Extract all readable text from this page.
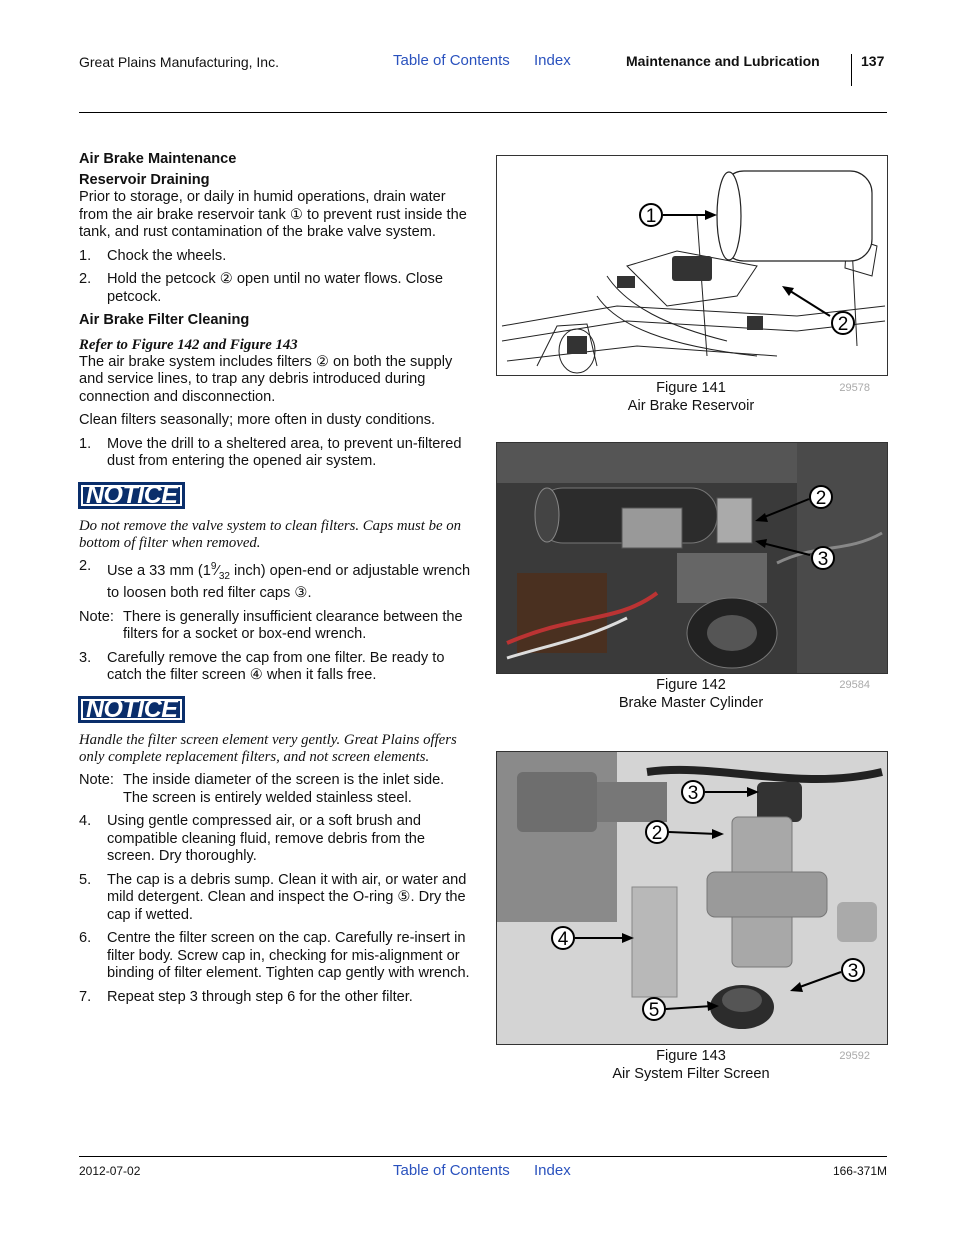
Great Plains Manufacturing, Inc.	Table of Contents Index	Maintenance and Lubrication	137

Air Brake Maintenance

Reservoir Draining

Prior to storage, or daily in humid operations, drain water from the air brake reservoir tank ① to prevent rust inside the tank, and rust contamination of the brake valve system.

1. Chock the wheels.
2. Hold the petcock ② open until no water flows. Close petcock.

Air Brake Filter Cleaning

Refer to Figure 142 and Figure 143

The air brake system includes filters ② on both the supply and service lines, to trap any debris introduced during connection and disconnection.

Clean filters seasonally; more often in dusty conditions.

1. Move the drill to a sheltered area, to prevent un-filtered dust from entering the opened air system.
NOTICE

Do not remove the valve system to clean filters. Caps must be on bottom of filter when removed.

2. Use a 33 mm ($1^9⁄_{32}$ inch) open-end or adjustable wrench to loosen both red filter caps ③.
Note: There is generally insufficient clearance between the filters for a socket or box-end wrench.
3. Carefully remove the cap from one filter. Be ready to catch the filter screen ④ when it falls free.
NOTICE

Handle the filter screen element very gently. Great Plains offers only complete replacement filters, and not screen elements.

Note: The inside diameter of the screen is the inlet side. The screen is entirely welded stainless steel.
4. Using gentle compressed air, or a soft brush and compatible cleaning fluid, remove debris from the screen. Dry thoroughly.
5. The cap is a debris sump. Clean it with air, or water and mild detergent. Clean and inspect the O-ring ⑤. Dry the cap if wetted.
6. Centre the filter screen on the cap. Carefully re-insert in filter body. Screw cap in, checking for mis-alignment or binding of filter element. Tighten cap gently with wrench.
7. Repeat step 3 through step 6 for the other filter.
1
2
Figure 141
Air Brake Reservoir
29578
2
3
Figure 142
Brake Master Cylinder
29584
3
2
4
3
5
Figure 143
Air System Filter Screen
29592
2012-07-02	Table of Contents Index	166-371M
